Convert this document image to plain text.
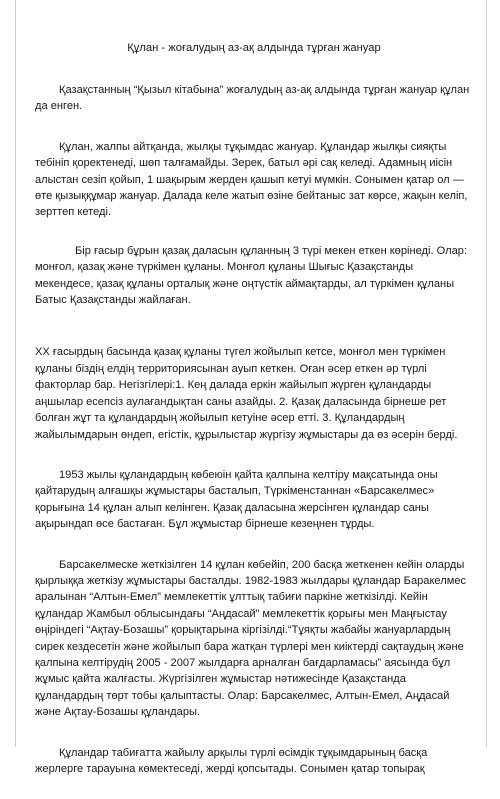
Құлан - жоғалудың аз-ақ алдында тұрған жануар

Қазақстанның “Қызыл кітабына” жоғалудың аз-ақ алдында тұрған жануар құлан да енген.

Құлан, жалпы айтқанда, жылқы тұқымдас жануар. Құландар жылқы сияқты тебініп қоректенеді, шөп талғамайды. Зерек, батыл әрі сақ келеді. Адамның иісін алыстан сезіп қойып, 1 шақырым жерден қашып кетуі мүмкін. Сонымен қатар ол — өте қызыққұмар жануар. Далада келе жатып өзіне бейтаныс зат көрсе, жақын келіп, зерттеп кетеді.

Бір ғасыр бұрын қазақ даласын құланның 3 түрі мекен еткен көрінеді. Олар: монғол, қазақ және түркімен құланы. Монғол құланы Шығыс Қазақстанды мекендесе, қазақ құланы орталық және оңтүстік аймақтарды, ал түркімен құланы Батыс Қазақстанды жайлаған.

XX ғасырдың басында қазақ құланы түгел жойылып кетсе, монғол мен түркімен құланы біздің елдің территориясынан ауып кеткен. Оған әсер еткен әр түрлі факторлар бар. Негізгілері:1. Кең далада еркін жайылып жүрген құландарды аңшылар есепсіз аулағандықтан саны азайды. 2. Қазақ даласында бірнеше рет болған жұт та құландардың жойылып кетуіне әсер етті. 3. Құландардың жайылымдарын өндеп, егістік, құрылыстар жүргізу жұмыстары да өз әсерін берді.

1953 жылы құландардың көбеюін қайта қалпына келтіру мақсатында оны қайтарудың алғашқы жұмыстары басталып, Түркіменстаннан «Барсакелмес» қорығына 14 құлан алып келінген. Қазақ даласына жерсінген құландар саны ақырындап өсе бастаған. Бұл жұмыстар бірнеше кезеңнен тұрды.

Барсакелмеске жеткізілген 14 құлан көбейіп, 200 басқа жеткенен кейін оларды қырлыққа жеткізу жұмыстары басталды. 1982-1983 жылдары құландар Баракелмес аралынан “Алтын-Емел” мемлекеттік ұлттық табиғи паркіне жеткізілді. Кейін құландар Жамбыл облысындағы “Аңдасай” мемлекеттік қорығы мен Маңғыстау өңіріндегі “Ақтау-Бозашы” қорықтарына кіргізілді.“Тұяқты жабайы жануарлардың сирек кездесетін және жойылып бара жатқан түрлері мен киіктерді сақтаудың және қалпына келтірудің 2005 - 2007 жылдарға арналған бағдарламасы” аясында бұл жұмыс қайта жалғасты. Жүргізілген жұмыстар нәтижесінде Қазақстанда құландардың төрт тобы қалыптасты. Олар: Барсакелмес, Алтын-Емел, Аңдасай және Ақтау-Бозашы құландары.

Құландар табиғатта жайылу арқылы түрлі өсімдік тұқымдарының басқа жерлерге тарауына көмектеседі, жерді қопсытады. Сонымен қатар топырақ
